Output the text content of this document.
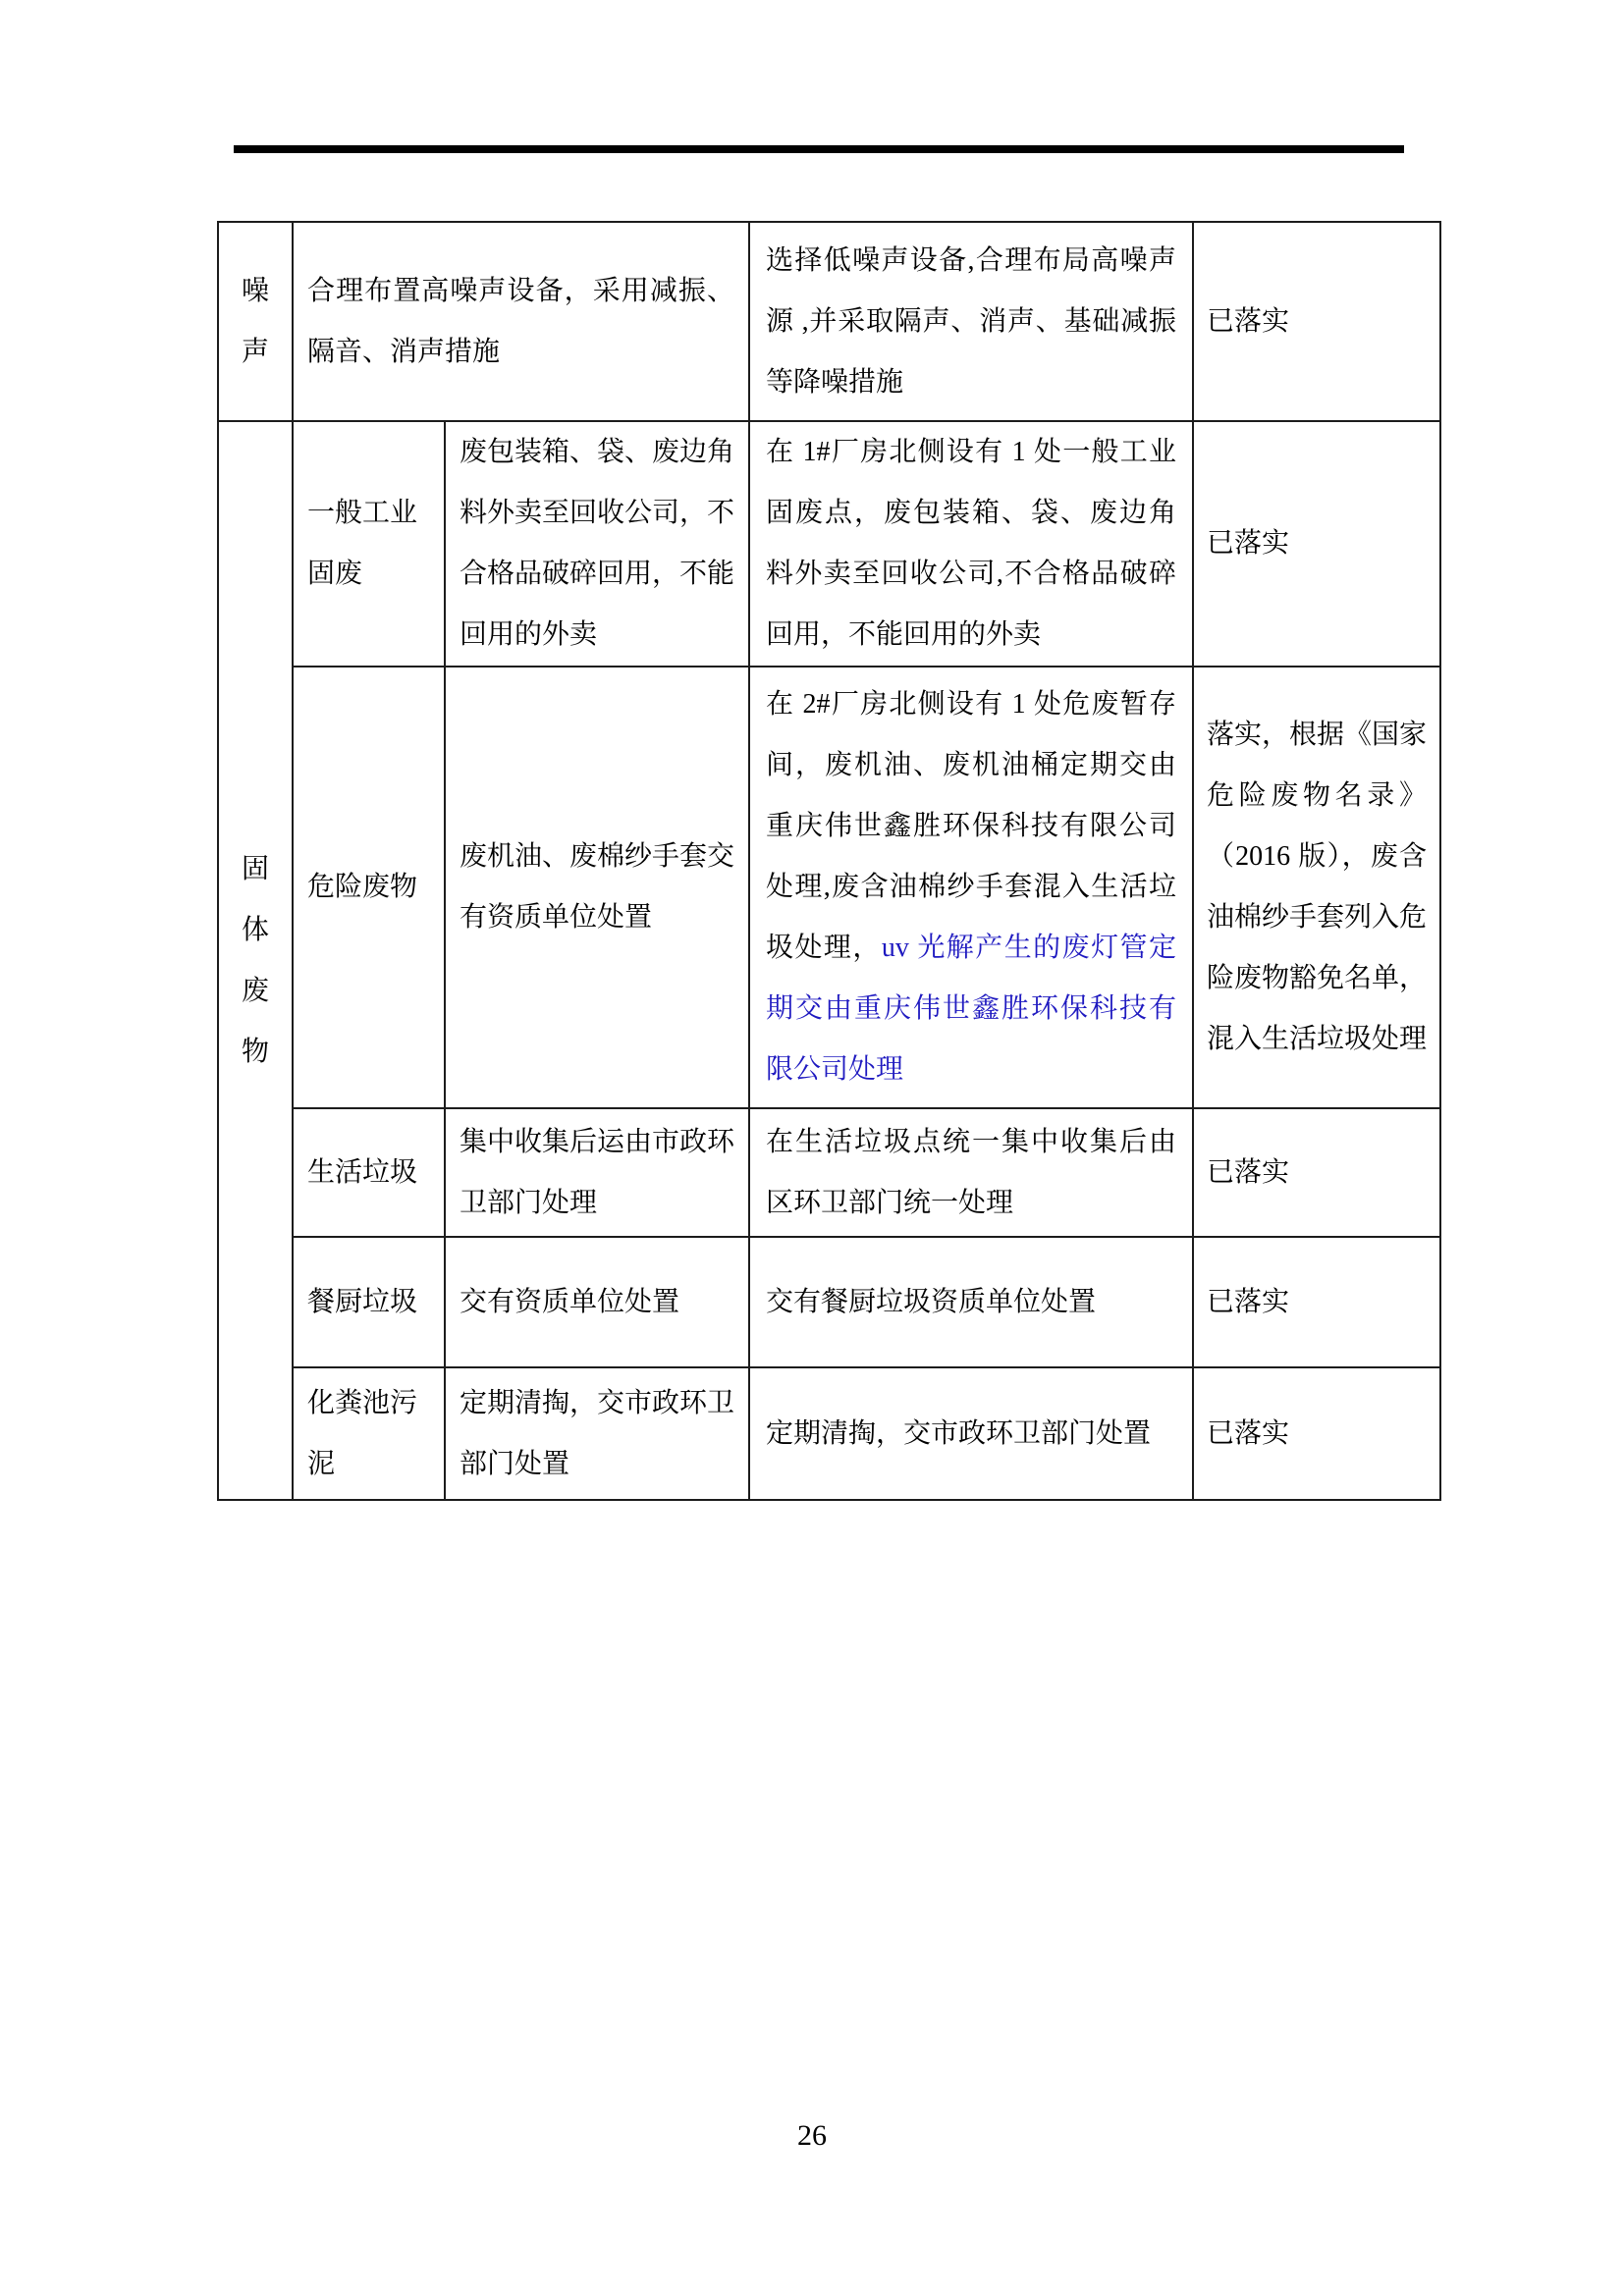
噪声	合理布置高噪声设备，采用减振、隔音、消声措施		选择低噪声设备,合理布局高噪声源 ,并采取隔声、消声、基础减振等降噪措施	已落实
固体废物	一般工业固废	废包装箱、袋、废边角料外卖至回收公司，不合格品破碎回用，不能回用的外卖	在 1#厂房北侧设有 1 处一般工业固废点，废包装箱、袋、废边角料外卖至回收公司,不合格品破碎回用，不能回用的外卖	已落实
	危险废物	废机油、废棉纱手套交有资质单位处置	在 2#厂房北侧设有 1 处危废暂存间，废机油、废机油桶定期交由重庆伟世鑫胜环保科技有限公司处理,废含油棉纱手套混入生活垃圾处理，uv 光解产生的废灯管定期交由重庆伟世鑫胜环保科技有限公司处理	落实，根据《国家危险废物名录》（2016 版），废含油棉纱手套列入危险废物豁免名单，混入生活垃圾处理
	生活垃圾	集中收集后运由市政环卫部门处理	在生活垃圾点统一集中收集后由区环卫部门统一处理	已落实
	餐厨垃圾	交有资质单位处置	交有餐厨垃圾资质单位处置	已落实
	化粪池污泥	定期清掏，交市政环卫部门处置	定期清掏，交市政环卫部门处置	已落实
26
